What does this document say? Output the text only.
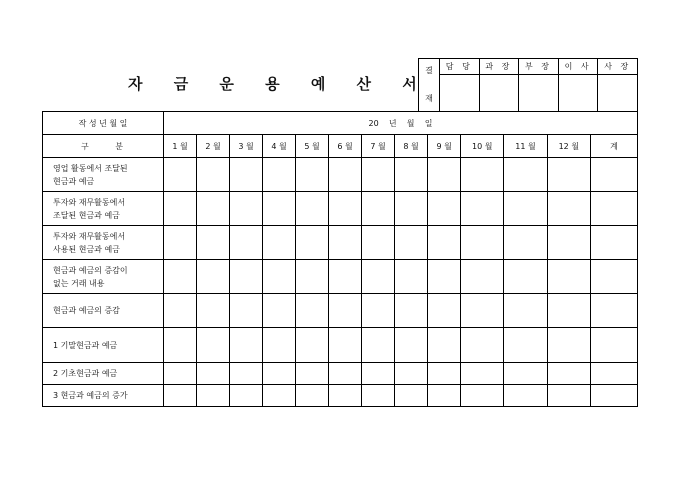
자 금 운 용 예 산 서
결
재	담 당	과 장	부 장	이 사	사 장

작 성 년 월 일	20    년    월    일												
구 분	1 월	2 월	3 월	4 월	5 월	6 월	7 월	8 월	9 월	10 월	11 월	12 월	계

영업 활동에서 조달된
현금과 예금													

투자와 재무활동에서
조달된 현금과 예금													

투자와 재무활동에서
사용된 현금과 예금													

현금과 예금의 증감이
없는 거래 내용													

현금과 예금의 증감													

1 기말현금과 예금													
2 기초현금과 예금													
3 현금과 예금의 증가													
